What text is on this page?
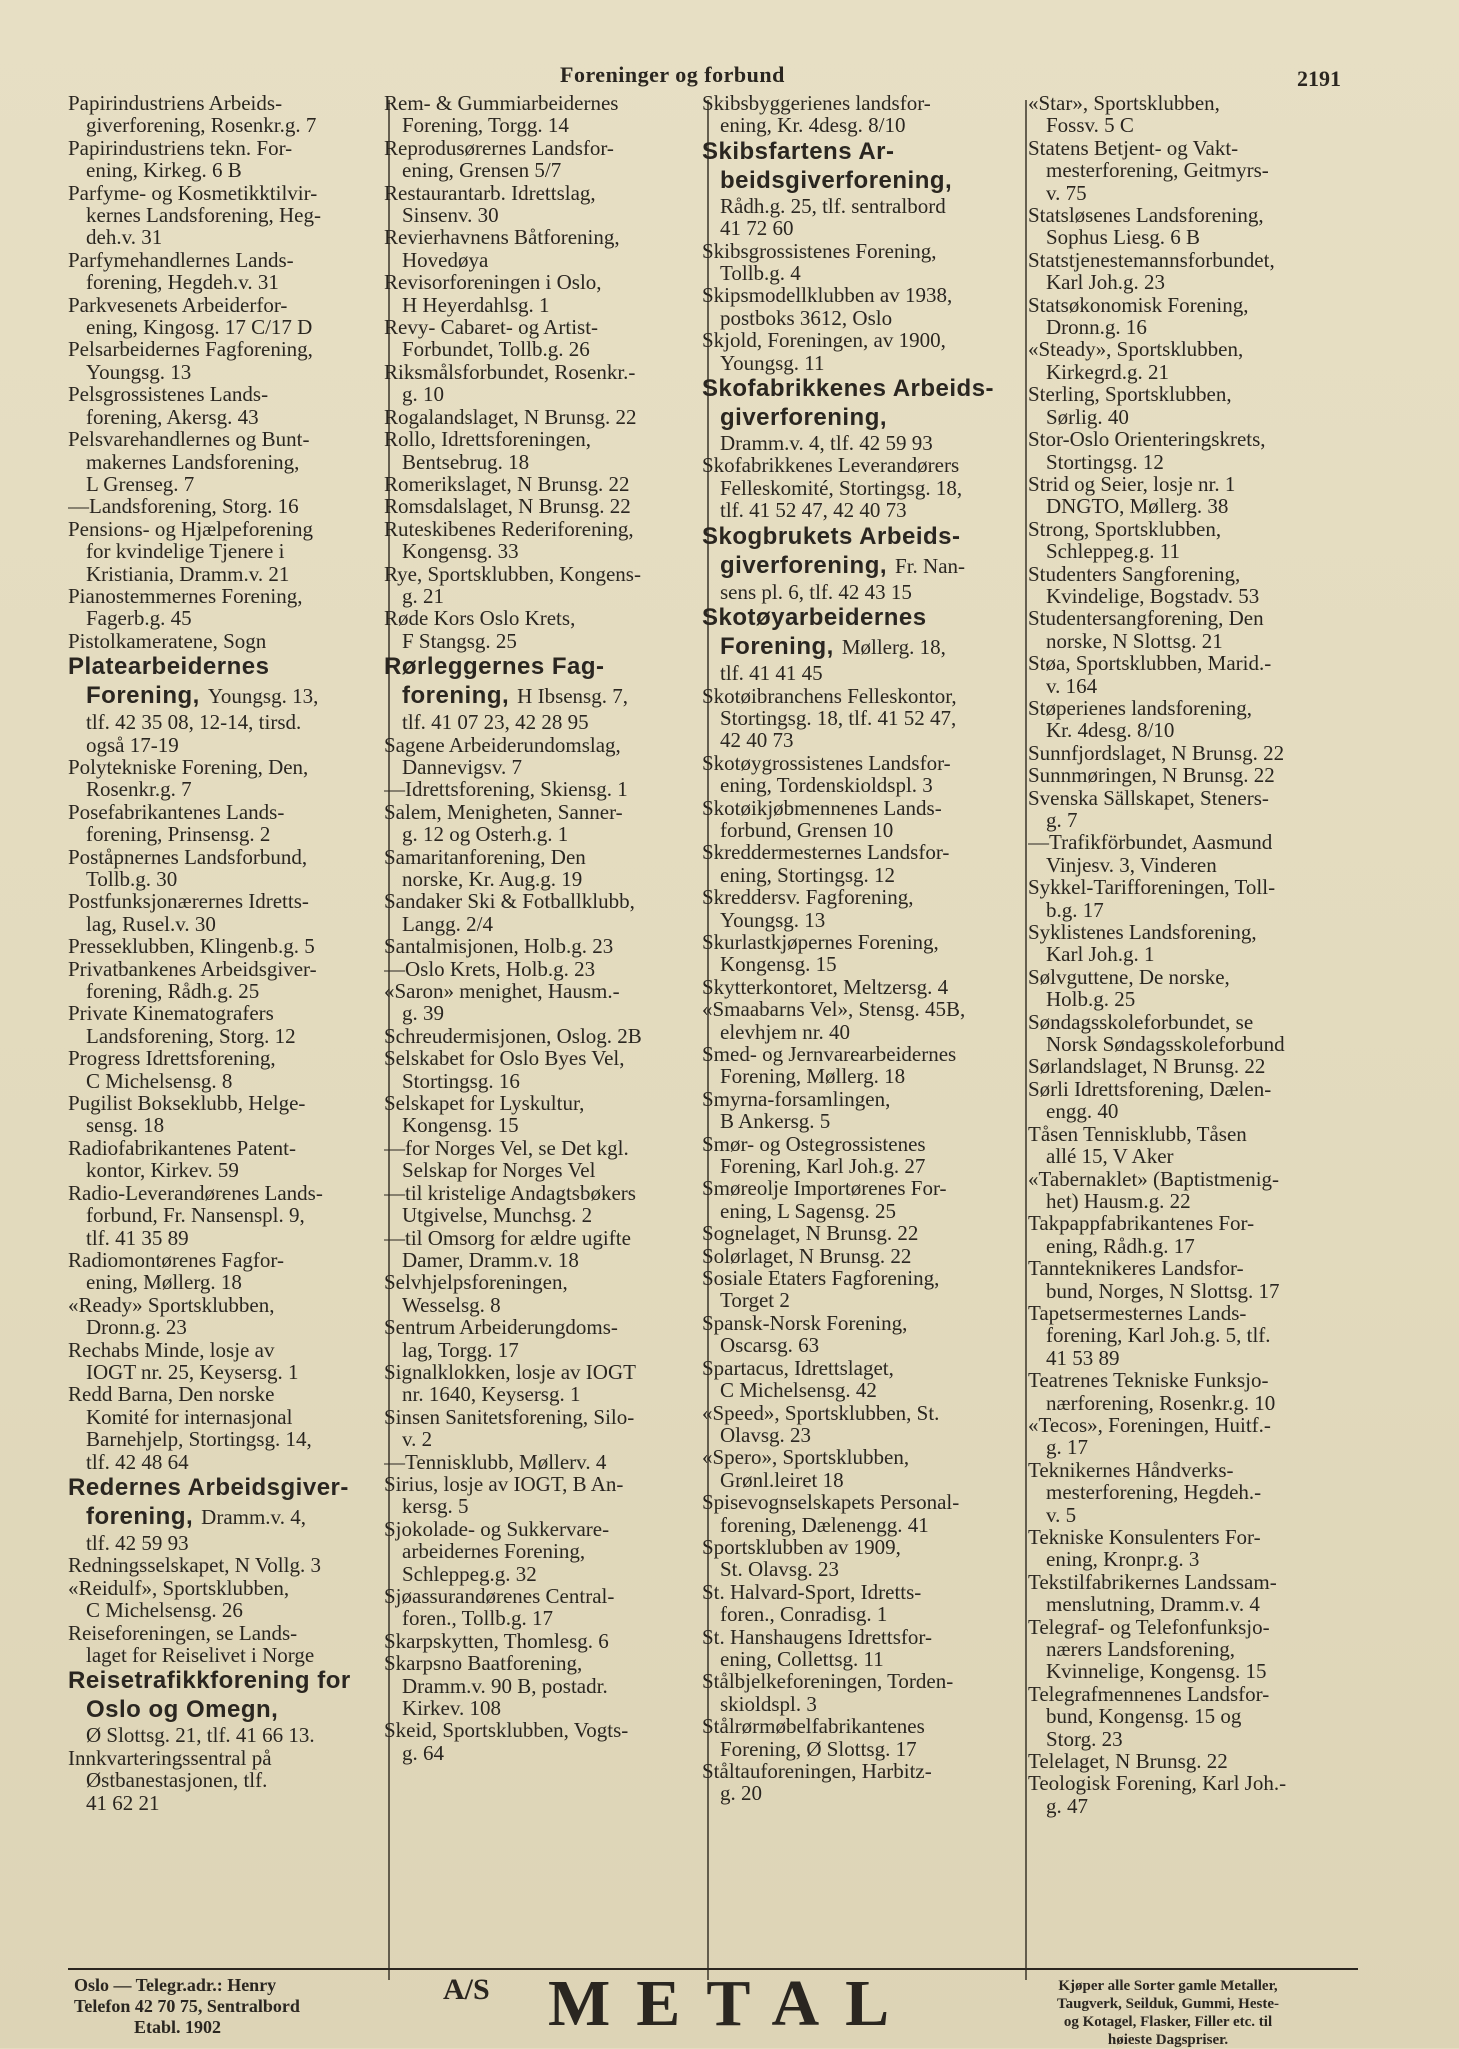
Foreninger og forbund	2191
Papirindustriens Arbeids-
giverforening, Rosenkr.g. 7
Papirindustriens tekn. For-
ening, Kirkeg. 6 B
Parfyme- og Kosmetikktilvir-
kernes Landsforening, Heg-
deh.v. 31
Parfymehandlernes Lands-
forening, Hegdeh.v. 31
Parkvesenets Arbeiderfor-
ening, Kingosg. 17 C/17 D
Pelsarbeidernes Fagforening,
Youngsg. 13
Pelsgrossistenes Lands-
forening, Akersg. 43
Pelsvarehandlernes og Bunt-
makernes Landsforening,
L Grenseg. 7
—Landsforening, Storg. 16
Pensions- og Hjælpeforening
for kvindelige Tjenere i
Kristiania, Dramm.v. 21
Pianostemmernes Forening,
Fagerb.g. 45
Pistolkameratene, Sogn
Platearbeidernes
Forening, Youngsg. 13,
tlf. 42 35 08, 12-14, tirsd.
også 17-19
Polytekniske Forening, Den,
Rosenkr.g. 7
Posefabrikantenes Lands-
forening, Prinsensg. 2
Poståpnernes Landsforbund,
Tollb.g. 30
Postfunksjonærernes Idretts-
lag, Rusel.v. 30
Presseklubben, Klingenb.g. 5
Privatbankenes Arbeidsgiver-
forening, Rådh.g. 25
Private Kinematografers
Landsforening, Storg. 12
Progress Idrettsforening,
C Michelsensg. 8
Pugilist Bokseklubb, Helge-
sensg. 18
Radiofabrikantenes Patent-
kontor, Kirkev. 59
Radio-Leverandørenes Lands-
forbund, Fr. Nansenspl. 9,
tlf. 41 35 89
Radiomontørenes Fagfor-
ening, Møllerg. 18
«Ready» Sportsklubben,
Dronn.g. 23
Rechabs Minde, losje av
IOGT nr. 25, Keysersg. 1
Redd Barna, Den norske
Komité for internasjonal
Barnehjelp, Stortingsg. 14,
tlf. 42 48 64
Redernes Arbeidsgiver-
forening, Dramm.v. 4,
tlf. 42 59 93
Redningsselskapet, N Vollg. 3
«Reidulf», Sportsklubben,
C Michelsensg. 26
Reiseforeningen, se Lands-
laget for Reiselivet i Norge
Reisetrafikkforening for
Oslo og Omegn,
Ø Slottsg. 21, tlf. 41 66 13.
Innkvarteringssentral på
Østbanestasjonen, tlf.
41 62 21
Rem- & Gummiarbeidernes
Forening, Torgg. 14
Reprodusørernes Landsfor-
ening, Grensen 5/7
Restaurantarb. Idrettslag,
Sinsenv. 30
Revierhavnens Båtforening,
Hovedøya
Revisorforeningen i Oslo,
H Heyerdahlsg. 1
Revy- Cabaret- og Artist-
Forbundet, Tollb.g. 26
Riksmålsforbundet, Rosenkr.-
g. 10
Rogalandslaget, N Brunsg. 22
Rollo, Idrettsforeningen,
Bentsebrug. 18
Romerikslaget, N Brunsg. 22
Romsdalslaget, N Brunsg. 22
Ruteskibenes Rederiforening,
Kongensg. 33
Rye, Sportsklubben, Kongens-
g. 21
Røde Kors Oslo Krets,
F Stangsg. 25
Rørleggernes Fag-
forening, H Ibsensg. 7,
tlf. 41 07 23, 42 28 95
Sagene Arbeiderundomslag,
Dannevigsv. 7
—Idrettsforening, Skiensg. 1
Salem, Menigheten, Sanner-
g. 12 og Osterh.g. 1
Samaritanforening, Den
norske, Kr. Aug.g. 19
Sandaker Ski & Fotballklubb,
Langg. 2/4
Santalmisjonen, Holb.g. 23
—Oslo Krets, Holb.g. 23
«Saron» menighet, Hausm.-
g. 39
Schreudermisjonen, Oslog. 2B
Selskabet for Oslo Byes Vel,
Stortingsg. 16
Selskapet for Lyskultur,
Kongensg. 15
—for Norges Vel, se Det kgl.
Selskap for Norges Vel
—til kristelige Andagtsbøkers
Utgivelse, Munchsg. 2
—til Omsorg for ældre ugifte
Damer, Dramm.v. 18
Selvhjelpsforeningen,
Wesselsg. 8
Sentrum Arbeiderungdoms-
lag, Torgg. 17
Signalklokken, losje av IOGT
nr. 1640, Keysersg. 1
Sinsen Sanitetsforening, Silo-
v. 2
—Tennisklubb, Møllerv. 4
Sirius, losje av IOGT, B An-
kersg. 5
Sjokolade- og Sukkervare-
arbeidernes Forening,
Schleppeg.g. 32
Sjøassurandørenes Central-
foren., Tollb.g. 17
Skarpskytten, Thomlesg. 6
Skarpsno Baatforening,
Dramm.v. 90 B, postadr.
Kirkev. 108
Skeid, Sportsklubben, Vogts-
g. 64
Skibsbyggerienes landsfor-
ening, Kr. 4desg. 8/10
Skibsfartens Ar-
beidsgiverforening,
Rådh.g. 25, tlf. sentralbord
41 72 60
Skibsgrossistenes Forening,
Tollb.g. 4
Skipsmodellklubben av 1938,
postboks 3612, Oslo
Skjold, Foreningen, av 1900,
Youngsg. 11
Skofabrikkenes Arbeids-
giverforening,
Dramm.v. 4, tlf. 42 59 93
Skofabrikkenes Leverandørers
Felleskomité, Stortingsg. 18,
tlf. 41 52 47, 42 40 73
Skogbrukets Arbeids-
giverforening, Fr. Nan-
sens pl. 6, tlf. 42 43 15
Skotøyarbeidernes
Forening, Møllerg. 18,
tlf. 41 41 45
Skotøibranchens Felleskontor,
Stortingsg. 18, tlf. 41 52 47,
42 40 73
Skotøygrossistenes Landsfor-
ening, Tordenskioldspl. 3
Skotøikjøbmennenes Lands-
forbund, Grensen 10
Skreddermesternes Landsfor-
ening, Stortingsg. 12
Skreddersv. Fagforening,
Youngsg. 13
Skurlastkjøpernes Forening,
Kongensg. 15
Skytterkontoret, Meltzersg. 4
«Smaabarns Vel», Stensg. 45B,
elevhjem nr. 40
Smed- og Jernvarearbeidernes
Forening, Møllerg. 18
Smyrna-forsamlingen,
B Ankersg. 5
Smør- og Ostegrossistenes
Forening, Karl Joh.g. 27
Smøreolje Importørenes For-
ening, L Sagensg. 25
Sognelaget, N Brunsg. 22
Solørlaget, N Brunsg. 22
Sosiale Etaters Fagforening,
Torget 2
Spansk-Norsk Forening,
Oscarsg. 63
Spartacus, Idrettslaget,
C Michelsensg. 42
«Speed», Sportsklubben, St.
Olavsg. 23
«Spero», Sportsklubben,
Grønl.leiret 18
Spisevognselskapets Personal-
forening, Dælenengg. 41
Sportsklubben av 1909,
St. Olavsg. 23
St. Halvard-Sport, Idretts-
foren., Conradisg. 1
St. Hanshaugens Idrettsfor-
ening, Collettsg. 11
Stålbjelkeforeningen, Torden-
skioldspl. 3
Stålrørmøbelfabrikantenes
Forening, Ø Slottsg. 17
Ståltauforeningen, Harbitz-
g. 20
«Star», Sportsklubben,
Fossv. 5 C
Statens Betjent- og Vakt-
mesterforening, Geitmyrs-
v. 75
Statsløsenes Landsforening,
Sophus Liesg. 6 B
Statstjenestemannsforbundet,
Karl Joh.g. 23
Statsøkonomisk Forening,
Dronn.g. 16
«Steady», Sportsklubben,
Kirkegrd.g. 21
Sterling, Sportsklubben,
Sørlig. 40
Stor-Oslo Orienteringskrets,
Stortingsg. 12
Strid og Seier, losje nr. 1
DNGTO, Møllerg. 38
Strong, Sportsklubben,
Schleppeg.g. 11
Studenters Sangforening,
Kvindelige, Bogstadv. 53
Studentersangforening, Den
norske, N Slottsg. 21
Støa, Sportsklubben, Marid.-
v. 164
Støperienes landsforening,
Kr. 4desg. 8/10
Sunnfjordslaget, N Brunsg. 22
Sunnmøringen, N Brunsg. 22
Svenska Sällskapet, Steners-
g. 7
—Trafikförbundet, Aasmund
Vinjesv. 3, Vinderen
Sykkel-Tarifforeningen, Toll-
b.g. 17
Syklistenes Landsforening,
Karl Joh.g. 1
Sølvguttene, De norske,
Holb.g. 25
Søndagsskoleforbundet, se
Norsk Søndagsskoleforbund
Sørlandslaget, N Brunsg. 22
Sørli Idrettsforening, Dælen-
engg. 40
Tåsen Tennisklubb, Tåsen
allé 15, V Aker
«Tabernaklet» (Baptistmenig-
het) Hausm.g. 22
Takpappfabrikantenes For-
ening, Rådh.g. 17
Tannteknikeres Landsfor-
bund, Norges, N Slottsg. 17
Tapetsermesternes Lands-
forening, Karl Joh.g. 5, tlf.
41 53 89
Teatrenes Tekniske Funksjo-
nærforening, Rosenkr.g. 10
«Tecos», Foreningen, Huitf.-
g. 17
Teknikernes Håndverks-
mesterforening, Hegdeh.-
v. 5
Tekniske Konsulenters For-
ening, Kronpr.g. 3
Tekstilfabrikernes Landssam-
menslutning, Dramm.v. 4
Telegraf- og Telefonfunksjo-
nærers Landsforening,
Kvinnelige, Kongensg. 15
Telegrafmennenes Landsfor-
bund, Kongensg. 15 og
Storg. 23
Telelaget, N Brunsg. 22
Teologisk Forening, Karl Joh.-
g. 47
Oslo — Telegr.adr.: Henry
Telefon 42 70 75, Sentralbord
Etabl. 1902
A/S METAL	Kjøper alle Sorter gamle Metaller,
Taugverk, Seilduk, Gummi, Heste-
og Kotagel, Flasker, Filler etc. til
høieste Dagspriser.
